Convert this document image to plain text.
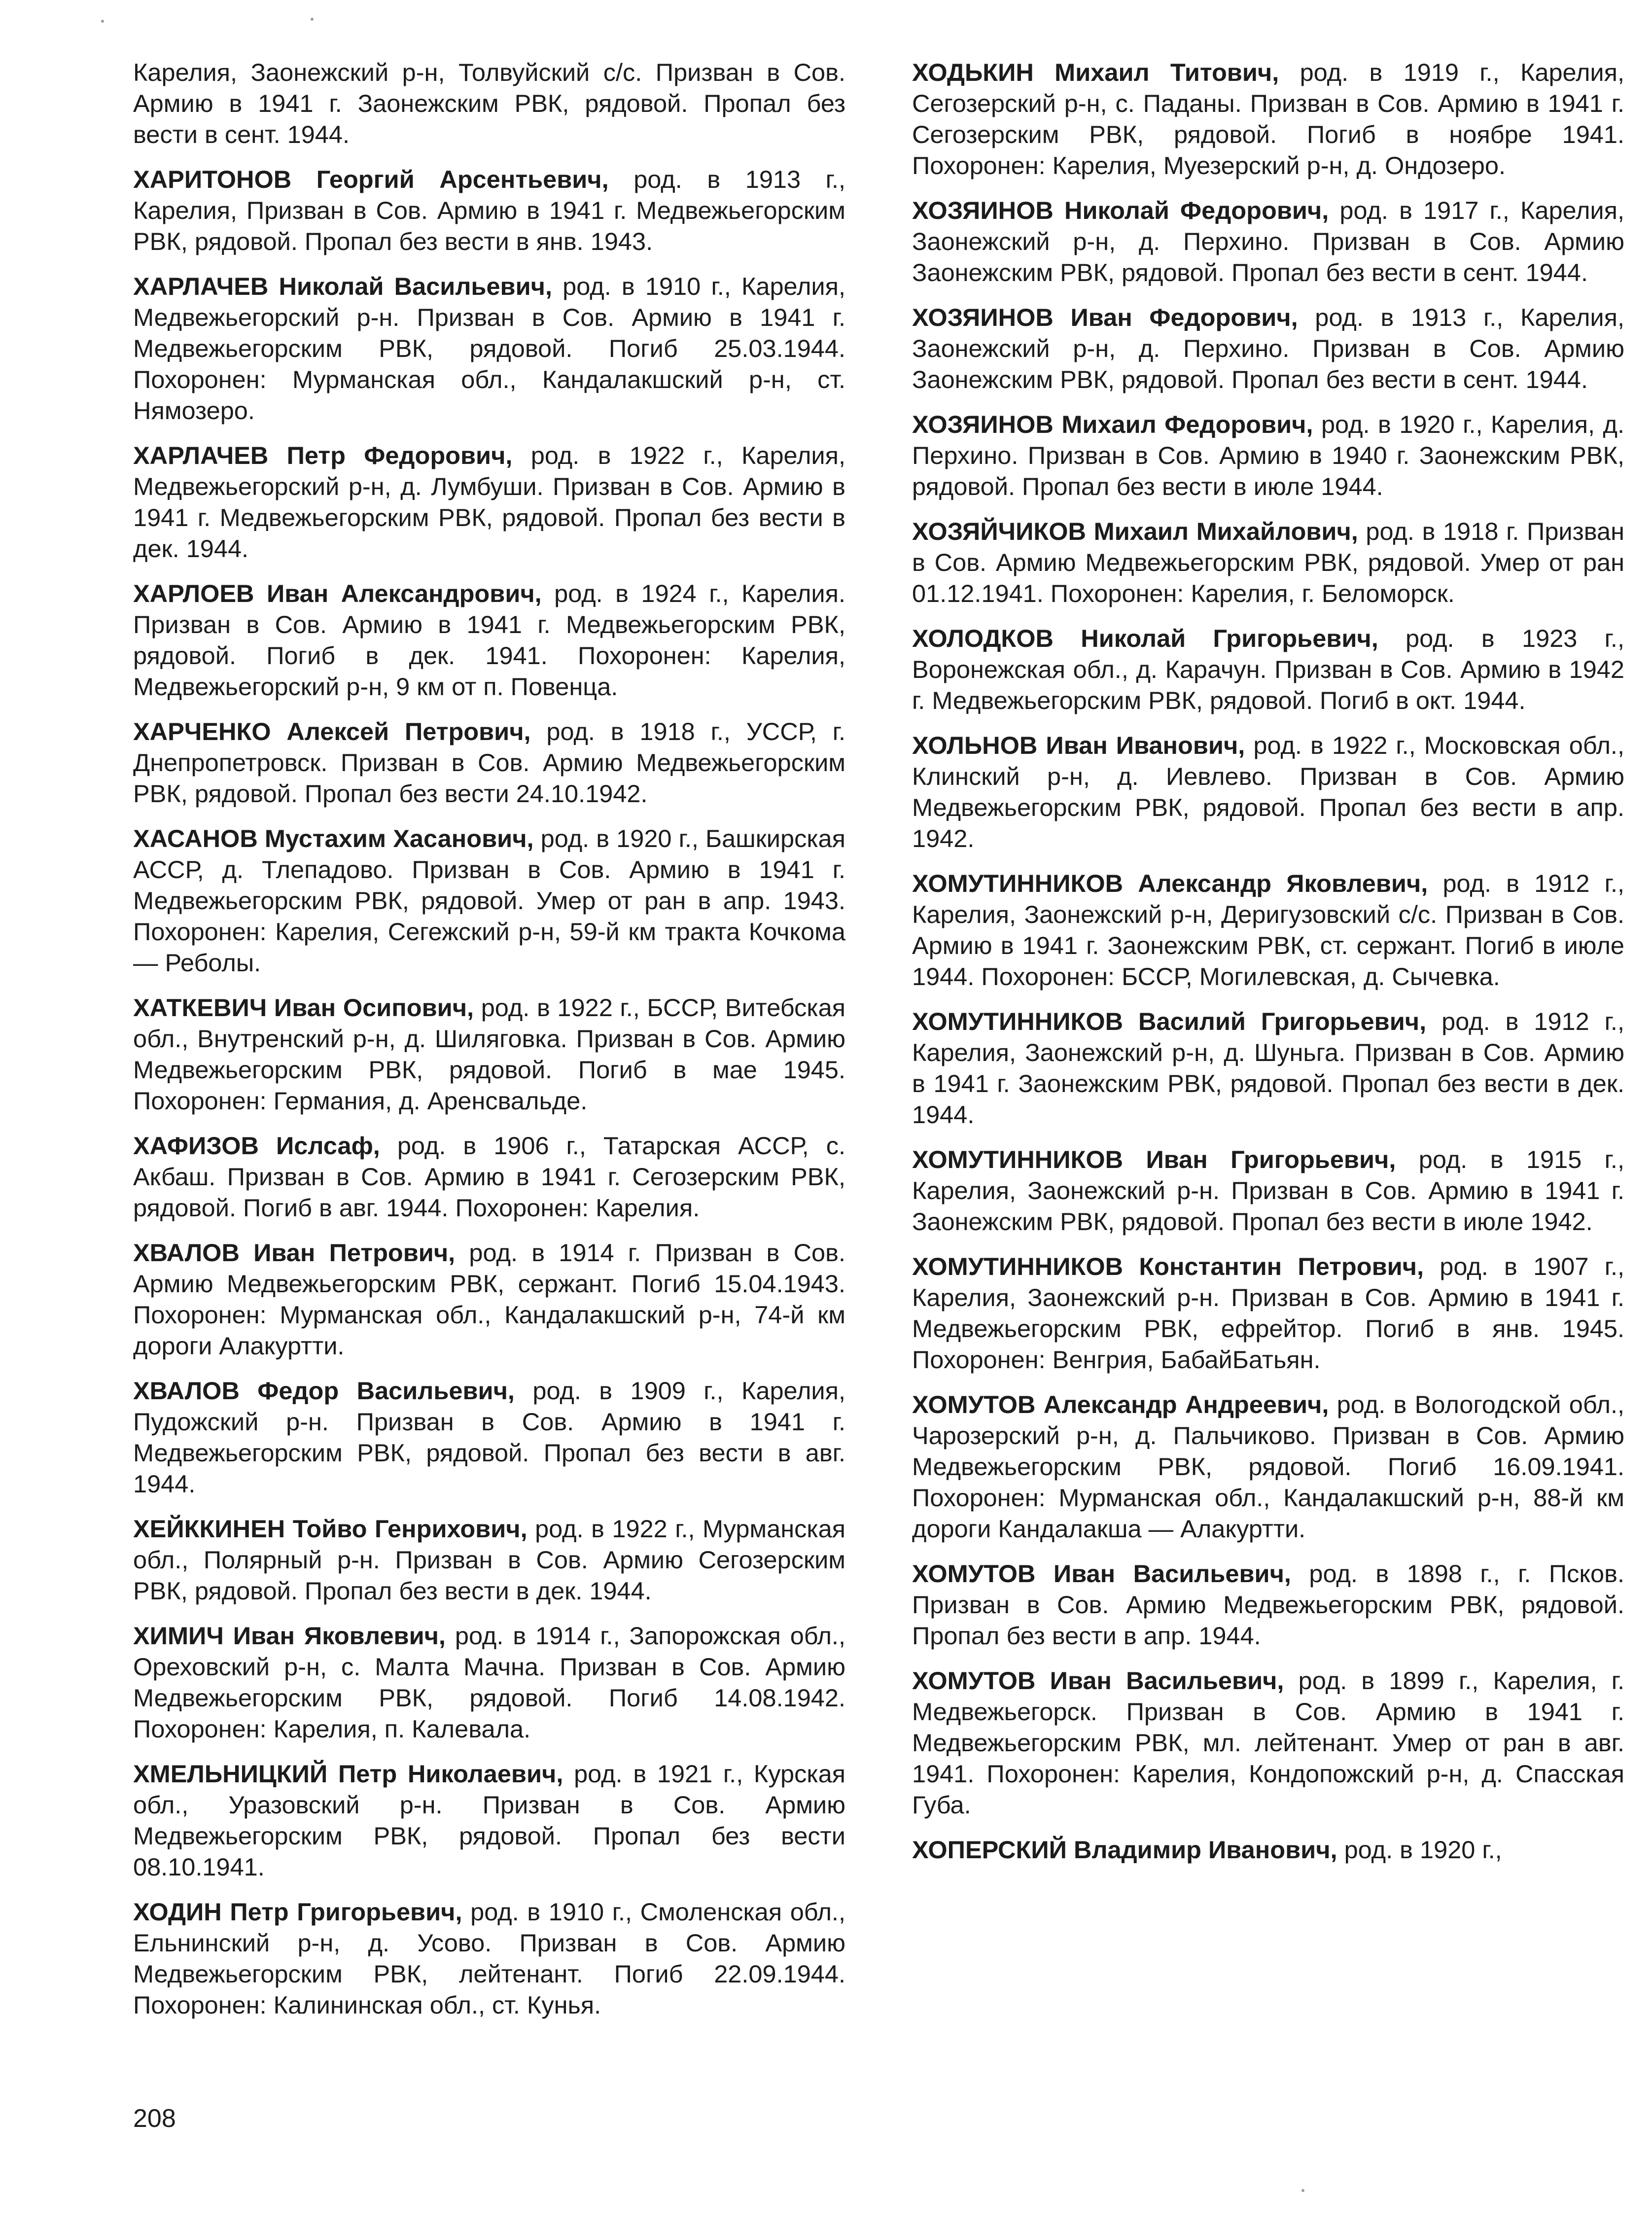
Карелия, Заонежский р-н, Толвуйский с/с. Призван в Сов. Армию в 1941 г. Заонежским РВК, рядовой. Пропал без вести в сент. 1944.

ХАРИТОНОВ Георгий Арсентьевич, род. в 1913 г., Карелия, Призван в Сов. Армию в 1941 г. Медвежьегорским РВК, рядовой. Пропал без вести в янв. 1943.

ХАРЛАЧЕВ Николай Васильевич, род. в 1910 г., Карелия, Медвежьегорский р-н. Призван в Сов. Армию в 1941 г. Медвежьегорским РВК, рядовой. Погиб 25.03.1944. Похоронен: Мурманская обл., Кандалакшский р-н, ст. Нямозеро.

ХАРЛАЧЕВ Петр Федорович, род. в 1922 г., Карелия, Медвежьегорский р-н, д. Лумбуши. Призван в Сов. Армию в 1941 г. Медвежьегорским РВК, рядовой. Пропал без вести в дек. 1944.

ХАРЛОЕВ Иван Александрович, род. в 1924 г., Карелия. Призван в Сов. Армию в 1941 г. Медвежьегорским РВК, рядовой. Погиб в дек. 1941. Похоронен: Карелия, Медвежьегорский р-н, 9 км от п. Повенца.

ХАРЧЕНКО Алексей Петрович, род. в 1918 г., УССР, г. Днепропетровск. Призван в Сов. Армию Медвежьегорским РВК, рядовой. Пропал без вести 24.10.1942.

ХАСАНОВ Мустахим Хасанович, род. в 1920 г., Башкирская АССР, д. Тлепадово. Призван в Сов. Армию в 1941 г. Медвежьегорским РВК, рядовой. Умер от ран в апр. 1943. Похоронен: Карелия, Сегежский р-н, 59-й км тракта Кочкома — Реболы.

ХАТКЕВИЧ Иван Осипович, род. в 1922 г., БССР, Витебская обл., Внутренский р-н, д. Шиляговка. Призван в Сов. Армию Медвежьегорским РВК, рядовой. Погиб в мае 1945. Похоронен: Германия, д. Аренсвальде.

ХАФИЗОВ Ислсаф, род. в 1906 г., Татарская АССР, с. Акбаш. Призван в Сов. Армию в 1941 г. Сегозерским РВК, рядовой. Погиб в авг. 1944. Похоронен: Карелия.

ХВАЛОВ Иван Петрович, род. в 1914 г. Призван в Сов. Армию Медвежьегорским РВК, сержант. Погиб 15.04.1943. Похоронен: Мурманская обл., Кандалакшский р-н, 74-й км дороги Алакуртти.

ХВАЛОВ Федор Васильевич, род. в 1909 г., Карелия, Пудожский р-н. Призван в Сов. Армию в 1941 г. Медвежьегорским РВК, рядовой. Пропал без вести в авг. 1944.

ХЕЙККИНЕН Тойво Генрихович, род. в 1922 г., Мурманская обл., Полярный р-н. Призван в Сов. Армию Сегозерским РВК, рядовой. Пропал без вести в дек. 1944.

ХИМИЧ Иван Яковлевич, род. в 1914 г., Запорожская обл., Ореховский р-н, с. Малта Мачна. Призван в Сов. Армию Медвежьегорским РВК, рядовой. Погиб 14.08.1942. Похоронен: Карелия, п. Калевала.

ХМЕЛЬНИЦКИЙ Петр Николаевич, род. в 1921 г., Курская обл., Уразовский р-н. Призван в Сов. Армию Медвежьегорским РВК, рядовой. Пропал без вести 08.10.1941.

ХОДИН Петр Григорьевич, род. в 1910 г., Смоленская обл., Ельнинский р-н, д. Усово. Призван в Сов. Армию Медвежьегорским РВК, лейтенант. Погиб 22.09.1944. Похоронен: Калининская обл., ст. Кунья.

ХОДЬКИН Михаил Титович, род. в 1919 г., Карелия, Сегозерский р-н, с. Паданы. Призван в Сов. Армию в 1941 г. Сегозерским РВК, рядовой. Погиб в ноябре 1941. Похоронен: Карелия, Муезерский р-н, д. Ондозеро.

ХОЗЯИНОВ Николай Федорович, род. в 1917 г., Карелия, Заонежский р-н, д. Перхино. Призван в Сов. Армию Заонежским РВК, рядовой. Пропал без вести в сент. 1944.

ХОЗЯИНОВ Иван Федорович, род. в 1913 г., Карелия, Заонежский р-н, д. Перхино. Призван в Сов. Армию Заонежским РВК, рядовой. Пропал без вести в сент. 1944.

ХОЗЯИНОВ Михаил Федорович, род. в 1920 г., Карелия, д. Перхино. Призван в Сов. Армию в 1940 г. Заонежским РВК, рядовой. Пропал без вести в июле 1944.

ХОЗЯЙЧИКОВ Михаил Михайлович, род. в 1918 г. Призван в Сов. Армию Медвежьегорским РВК, рядовой. Умер от ран 01.12.1941. Похоронен: Карелия, г. Беломорск.

ХОЛОДКОВ Николай Григорьевич, род. в 1923 г., Воронежская обл., д. Карачун. Призван в Сов. Армию в 1942 г. Медвежьегорским РВК, рядовой. Погиб в окт. 1944.

ХОЛЬНОВ Иван Иванович, род. в 1922 г., Московская обл., Клинский р-н, д. Иевлево. Призван в Сов. Армию Медвежьегорским РВК, рядовой. Пропал без вести в апр. 1942.

ХОМУТИННИКОВ Александр Яковлевич, род. в 1912 г., Карелия, Заонежский р-н, Деригузовский с/с. Призван в Сов. Армию в 1941 г. Заонежским РВК, ст. сержант. Погиб в июле 1944. Похоронен: БССР, Могилевская, д. Сычевка.

ХОМУТИННИКОВ Василий Григорьевич, род. в 1912 г., Карелия, Заонежский р-н, д. Шуньга. Призван в Сов. Армию в 1941 г. Заонежским РВК, рядовой. Пропал без вести в дек. 1944.

ХОМУТИННИКОВ Иван Григорьевич, род. в 1915 г., Карелия, Заонежский р-н. Призван в Сов. Армию в 1941 г. Заонежским РВК, рядовой. Пропал без вести в июле 1942.

ХОМУТИННИКОВ Константин Петрович, род. в 1907 г., Карелия, Заонежский р-н. Призван в Сов. Армию в 1941 г. Медвежьегорским РВК, ефрейтор. Погиб в янв. 1945. Похоронен: Венгрия, БабайБатьян.

ХОМУТОВ Александр Андреевич, род. в Вологодской обл., Чарозерский р-н, д. Пальчиково. Призван в Сов. Армию Медвежьегорским РВК, рядовой. Погиб 16.09.1941. Похоронен: Мурманская обл., Кандалакшский р-н, 88-й км дороги Кандалакша — Алакуртти.

ХОМУТОВ Иван Васильевич, род. в 1898 г., г. Псков. Призван в Сов. Армию Медвежьегорским РВК, рядовой. Пропал без вести в апр. 1944.

ХОМУТОВ Иван Васильевич, род. в 1899 г., Карелия, г. Медвежьегорск. Призван в Сов. Армию в 1941 г. Медвежьегорским РВК, мл. лейтенант. Умер от ран в авг. 1941. Похоронен: Карелия, Кондопожский р-н, д. Спасская Губа.

ХОПЕРСКИЙ Владимир Иванович, род. в 1920 г.,

208
